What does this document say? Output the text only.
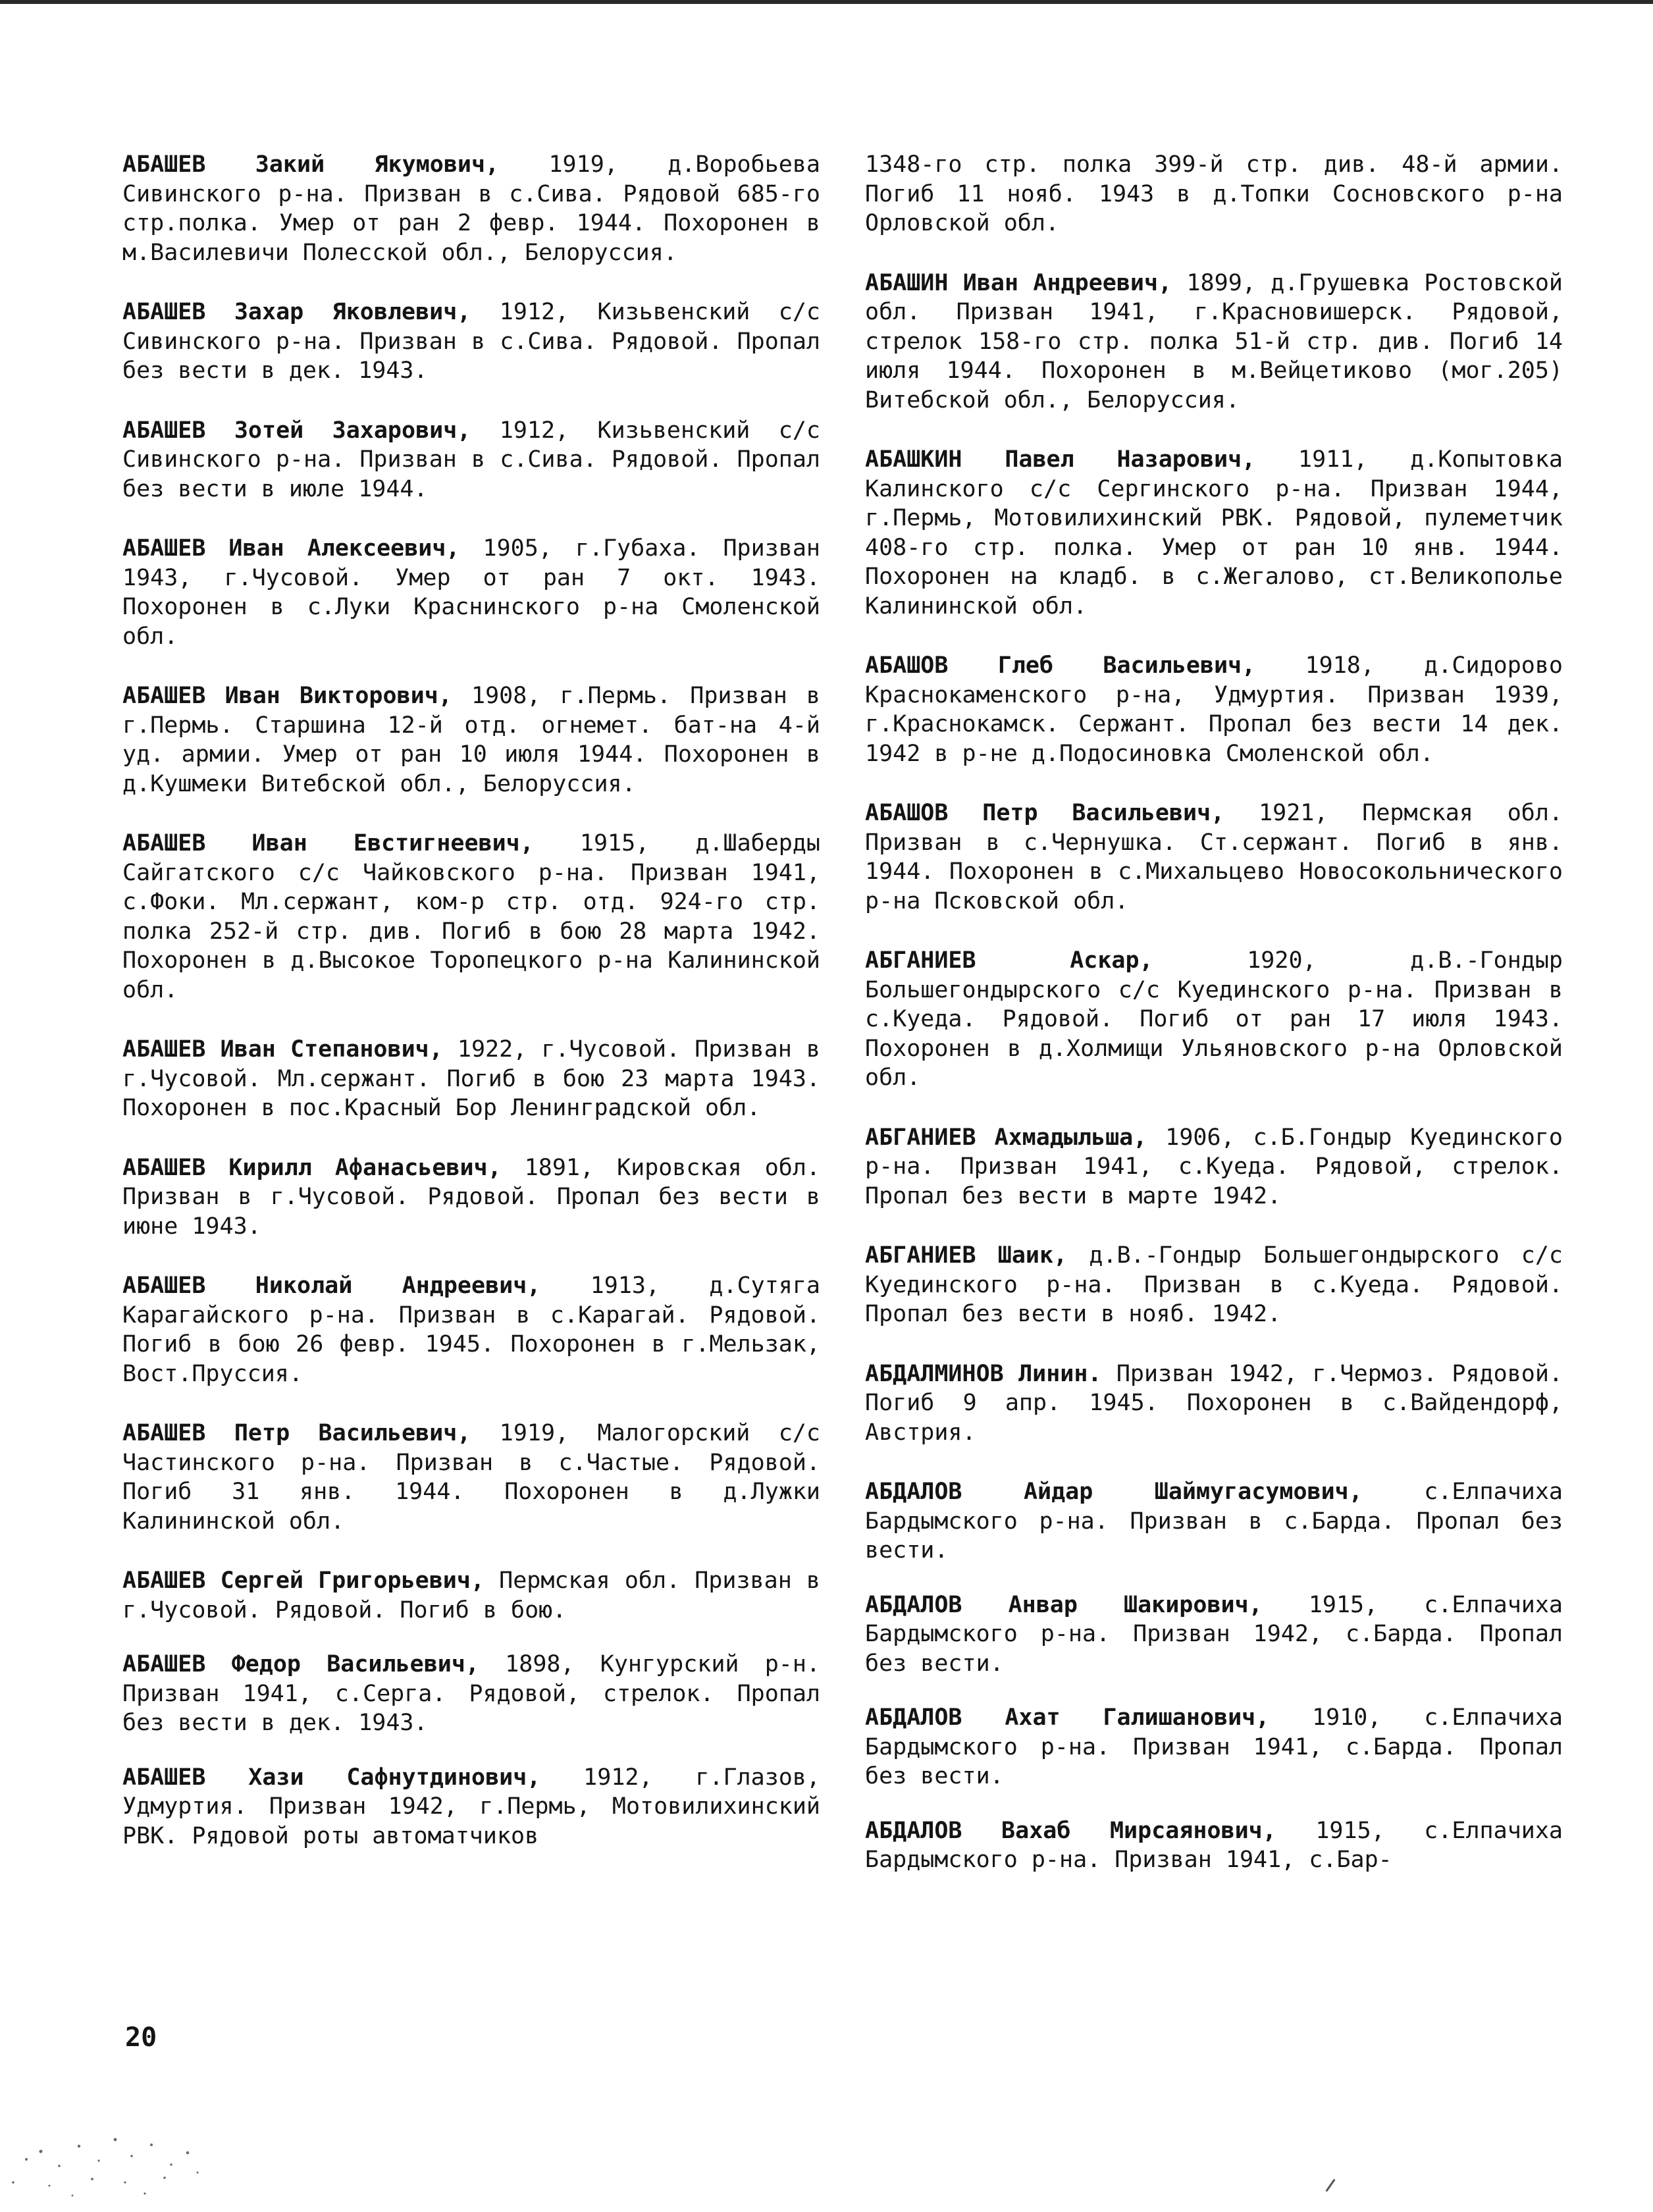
АБАШЕВ Закий Якумович, 1919, д.Воробьева Сивинского р-на. Призван в с.Сива. Рядовой 685-го стр.полка. Умер от ран 2 февр. 1944. Похоронен в м.Василевичи Полесской обл., Белоруссия.

АБАШЕВ Захар Яковлевич, 1912, Кизьвенский с/с Сивинского р-на. Призван в с.Сива. Рядовой. Пропал без вести в дек. 1943.

АБАШЕВ Зотей Захарович, 1912, Кизьвенский с/с Сивинского р-на. Призван в с.Сива. Рядовой. Пропал без вести в июле 1944.

АБАШЕВ Иван Алексеевич, 1905, г.Губаха. Призван 1943, г.Чусовой. Умер от ран 7 окт. 1943. Похоронен в с.Луки Краснинского р-на Смоленской обл.

АБАШЕВ Иван Викторович, 1908, г.Пермь. Призван в г.Пермь. Старшина 12-й отд. огнемет. бат-на 4-й уд. армии. Умер от ран 10 июля 1944. Похоронен в д.Кушмеки Витебской обл., Белоруссия.

АБАШЕВ Иван Евстигнеевич, 1915, д.Шаберды Сайгатского с/с Чайковского р-на. Призван 1941, с.Фоки. Мл.сержант, ком-р стр. отд. 924-го стр. полка 252-й стр. див. Погиб в бою 28 марта 1942. Похоронен в д.Высокое Торопецкого р-на Калининской обл.

АБАШЕВ Иван Степанович, 1922, г.Чусовой. Призван в г.Чусовой. Мл.сержант. Погиб в бою 23 марта 1943. Похоронен в пос.Красный Бор Ленинградской обл.

АБАШЕВ Кирилл Афанасьевич, 1891, Кировская обл. Призван в г.Чусовой. Рядовой. Пропал без вести в июне 1943.

АБАШЕВ Николай Андреевич, 1913, д.Сутяга Карагайского р-на. Призван в с.Карагай. Рядовой. Погиб в бою 26 февр. 1945. Похоронен в г.Мельзак, Вост.Пруссия.

АБАШЕВ Петр Васильевич, 1919, Малогорский с/с Частинского р-на. Призван в с.Частые. Рядовой. Погиб 31 янв. 1944. Похоронен в д.Лужки Калининской обл.

АБАШЕВ Сергей Григорьевич, Пермская обл. Призван в г.Чусовой. Рядовой. Погиб в бою.

АБАШЕВ Федор Васильевич, 1898, Кунгурский р-н. Призван 1941, с.Серга. Рядовой, стрелок. Пропал без вести в дек. 1943.

АБАШЕВ Хази Сафнутдинович, 1912, г.Глазов, Удмуртия. Призван 1942, г.Пермь, Мотовилихинский РВК. Рядовой роты автоматчиков

1348-го стр. полка 399-й стр. див. 48-й армии. Погиб 11 нояб. 1943 в д.Топки Сосновского р-на Орловской обл.

АБАШИН Иван Андреевич, 1899, д.Грушевка Ростовской обл. Призван 1941, г.Красновишерск. Рядовой, стрелок 158-го стр. полка 51-й стр. див. Погиб 14 июля 1944. Похоронен в м.Вейцетиково (мог.205) Витебской обл., Белоруссия.

АБАШКИН Павел Назарович, 1911, д.Копытовка Калинского с/с Сергинского р-на. Призван 1944, г.Пермь, Мотовилихинский РВК. Рядовой, пулеметчик 408-го стр. полка. Умер от ран 10 янв. 1944. Похоронен на кладб. в с.Жегалово, ст.Великополье Калининской обл.

АБАШОВ Глеб Васильевич, 1918, д.Сидорово Краснокаменского р-на, Удмуртия. Призван 1939, г.Краснокамск. Сержант. Пропал без вести 14 дек. 1942 в р-не д.Подосиновка Смоленской обл.

АБАШОВ Петр Васильевич, 1921, Пермская обл. Призван в с.Чернушка. Ст.сержант. Погиб в янв. 1944. Похоронен в с.Михальцево Новосокольнического р-на Псковской обл.

АБГАНИЕВ Аскар, 1920, д.В.-Гондыр Большегондырского с/с Куединского р-на. Призван в с.Куеда. Рядовой. Погиб от ран 17 июля 1943. Похоронен в д.Холмищи Ульяновского р-на Орловской обл.

АБГАНИЕВ Ахмадыльша, 1906, с.Б.Гондыр Куединского р-на. Призван 1941, с.Куеда. Рядовой, стрелок. Пропал без вести в марте 1942.

АБГАНИЕВ Шаик, д.В.-Гондыр Большегондырского с/с Куединского р-на. Призван в с.Куеда. Рядовой. Пропал без вести в нояб. 1942.

АБДАЛМИНОВ Линин. Призван 1942, г.Чермоз. Рядовой. Погиб 9 апр. 1945. Похоронен в с.Вайдендорф, Австрия.

АБДАЛОВ Айдар Шаймугасумович, с.Елпачиха Бардымского р-на. Призван в с.Барда. Пропал без вести.

АБДАЛОВ Анвар Шакирович, 1915, с.Елпачиха Бардымского р-на. Призван 1942, с.Барда. Пропал без вести.

АБДАЛОВ Ахат Галишанович, 1910, с.Елпачиха Бардымского р-на. Призван 1941, с.Барда. Пропал без вести.

АБДАЛОВ Вахаб Мирсаянович, 1915, с.Елпачиха Бардымского р-на. Призван 1941, с.Бар-

20
